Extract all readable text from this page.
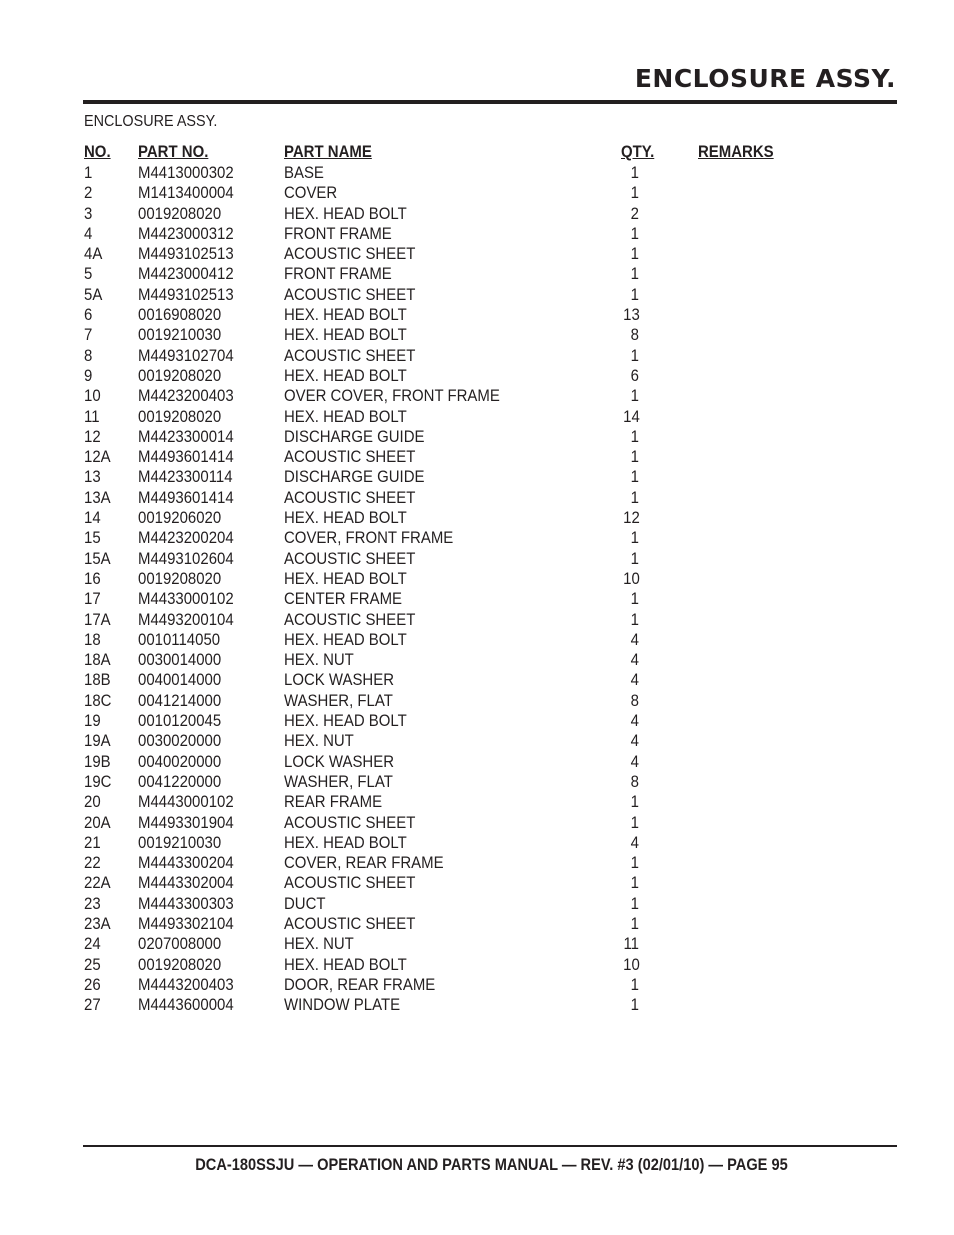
ENCLOSURE ASSY.
ENCLOSURE ASSY.
NO. PART NO.	PART NAME	QTY.	REMARKS
1	M4413000302	BASE	1
2	M1413400004	COVER	1
3	0019208020	HEX. HEAD BOLT	2
4	M4423000312	FRONT FRAME	1
4A M4493102513	ACOUSTIC SHEET	1
5	M4423000412	FRONT FRAME	1
5A M4493102513	ACOUSTIC SHEET	1
6	0016908020	HEX. HEAD BOLT	13
7	0019210030	HEX. HEAD BOLT	8
8	M4493102704	ACOUSTIC SHEET	1
9	0019208020	HEX. HEAD BOLT	6
10 M4423200403	OVER COVER, FRONT FRAME	1
11 0019208020	HEX. HEAD BOLT	14
12 M4423300014	DISCHARGE GUIDE	1
12A M4493601414	ACOUSTIC SHEET	1
13 M4423300114	DISCHARGE GUIDE	1
13A M4493601414	ACOUSTIC SHEET	1
14 0019206020	HEX. HEAD BOLT	12
15 M4423200204	COVER, FRONT FRAME	1
15A M4493102604	ACOUSTIC SHEET	1
16 0019208020	HEX. HEAD BOLT	10
17 M4433000102	CENTER FRAME	1
17A M4493200104	ACOUSTIC SHEET	1
18 0010114050	HEX. HEAD BOLT	4
18A 0030014000	HEX. NUT	4
18B 0040014000	LOCK WASHER	4
18C 0041214000	WASHER, FLAT	8
19 0010120045	HEX. HEAD BOLT	4
19A 0030020000	HEX. NUT	4
19B 0040020000	LOCK WASHER	4
19C 0041220000	WASHER, FLAT	8
20 M4443000102	REAR FRAME	1
20A M4493301904	ACOUSTIC SHEET	1
21 0019210030	HEX. HEAD BOLT	4
22 M4443300204	COVER, REAR FRAME	1
22A M4443302004	ACOUSTIC SHEET	1
23 M4443300303	DUCT	1
23A M4493302104	ACOUSTIC SHEET	1
24 0207008000	HEX. NUT	11
25 0019208020	HEX. HEAD BOLT	10
26 M4443200403	DOOR, REAR FRAME	1
27 M4443600004	WINDOW PLATE	1
DCA-180SSJU — OPERATION AND PARTS MANUAL — REV. #3 (02/01/10) — PAGE 95
